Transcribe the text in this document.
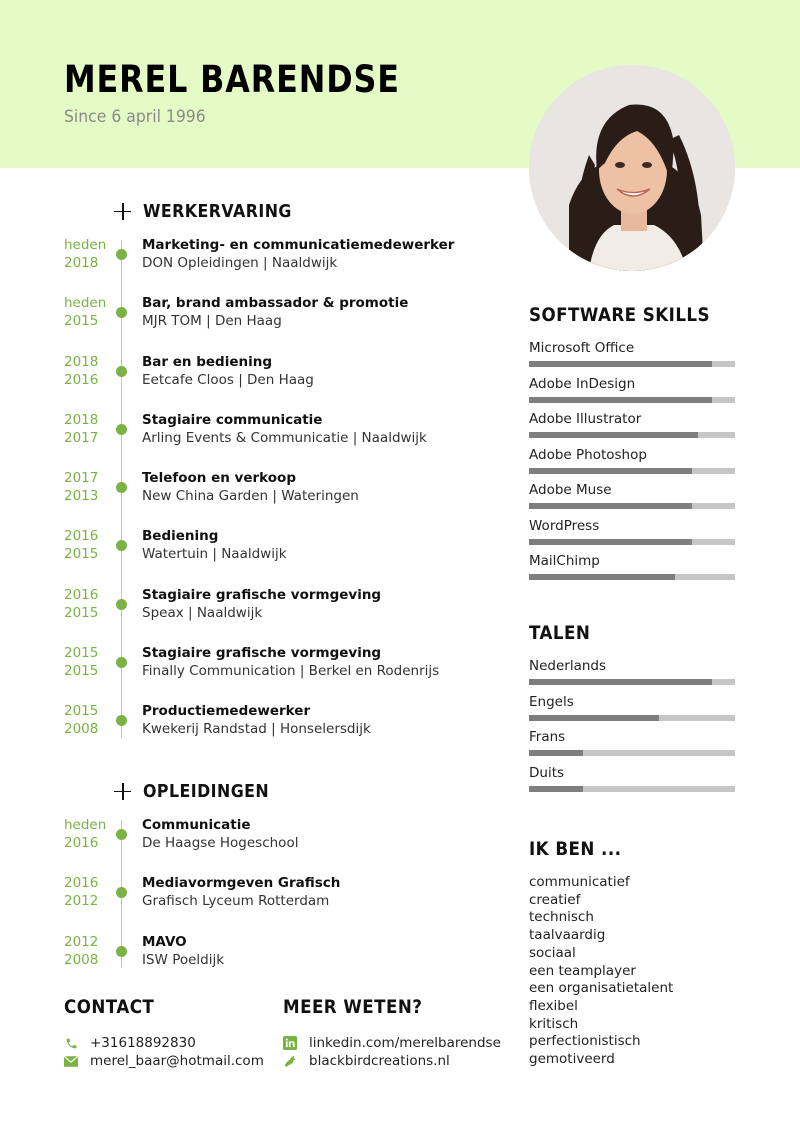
MEREL BARENDSE
Since 6 april 1996
WERKERVARING
heden
2018
Marketing- en communicatiemedewerker
DON Opleidingen | Naaldwijk
heden
2015
Bar, brand ambassador & promotie
MJR TOM | Den Haag
2018
2016
Bar en bediening
Eetcafe Cloos | Den Haag
2018
2017
Stagiaire communicatie
Arling Events & Communicatie | Naaldwijk
2017
2013
Telefoon en verkoop
New China Garden | Wateringen
2016
2015
Bediening
Watertuin | Naaldwijk
2016
2015
Stagiaire grafische vormgeving
Speax | Naaldwijk
2015
2015
Stagiaire grafische vormgeving
Finally Communication | Berkel en Rodenrijs
2015
2008
Productiemedewerker
Kwekerij Randstad | Honselersdijk
OPLEIDINGEN
heden
2016
Communicatie
De Haagse Hogeschool
2016
2012
Mediavormgeven Grafisch
Grafisch Lyceum Rotterdam
2012
2008
MAVO
ISW Poeldijk
SOFTWARE SKILLS
Microsoft Office
Adobe InDesign
Adobe Illustrator
Adobe Photoshop
Adobe Muse
WordPress
MailChimp
TALEN
Nederlands
Engels
Frans
Duits
IK BEN ...
communicatief
creatief
technisch
taalvaardig
sociaal
een teamplayer
een organisatietalent
flexibel
kritisch
perfectionistisch
gemotiveerd
CONTACT
+31618892830
merel_baar@hotmail.com
MEER WETEN?
linkedin.com/merelbarendse
blackbirdcreations.nl
